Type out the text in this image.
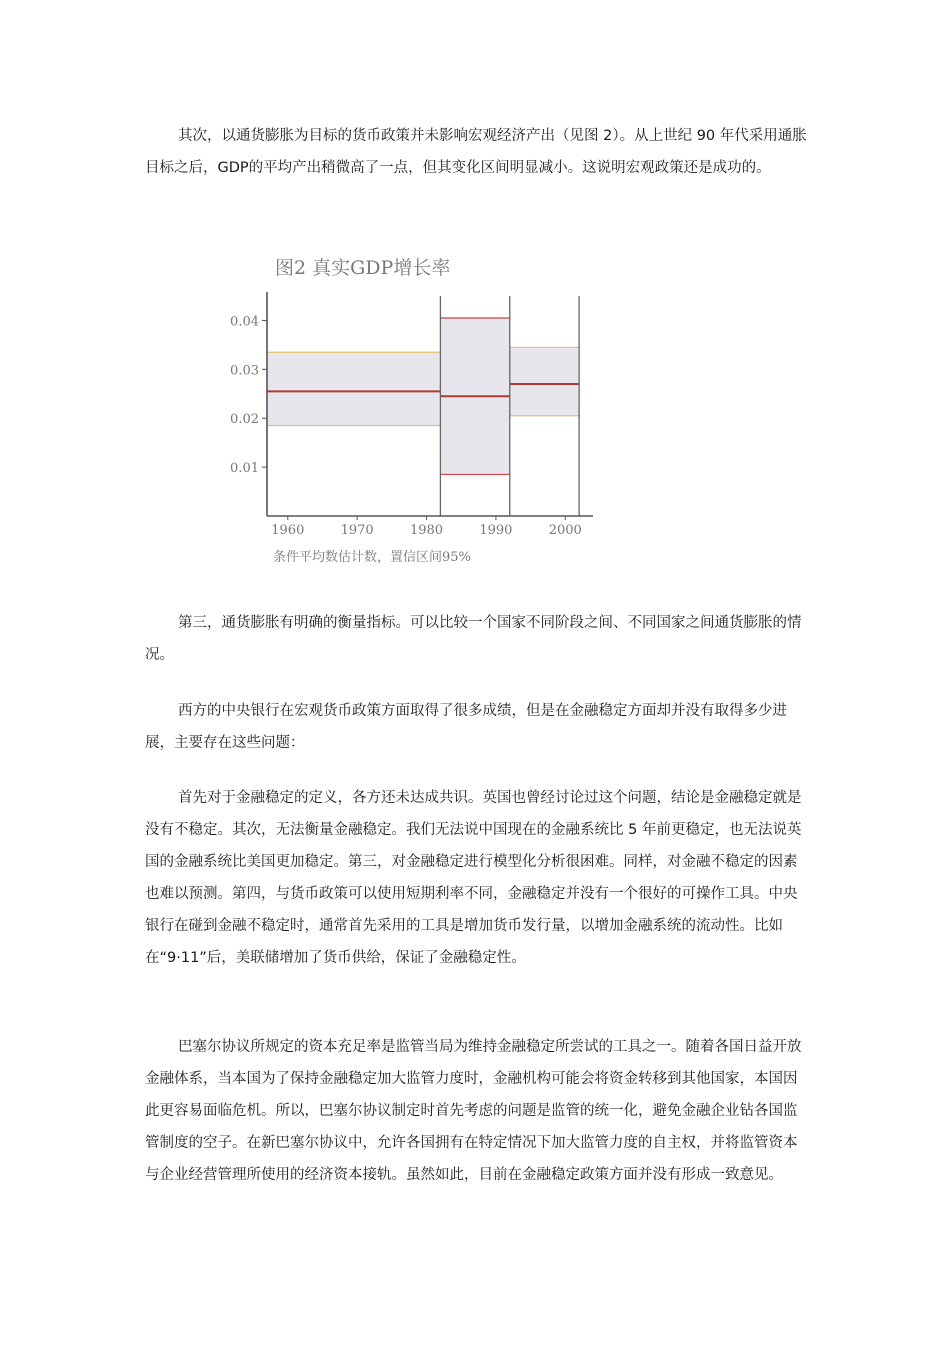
其次，以通货膨胀为目标的货币政策并未影响宏观经济产出（见图 2）。从上世纪 90 年代采用通胀目标之后，GDP的平均产出稍微高了一点，但其变化区间明显减小。这说明宏观政策还是成功的。

图2 真实GDP增长率
0.04
0.03
0.02
0.01
1960	1970	1980	1990	2000
条件平均数估计数，置信区间95%

第三，通货膨胀有明确的衡量指标。可以比较一个国家不同阶段之间、不同国家之间通货膨胀的情况。

西方的中央银行在宏观货币政策方面取得了很多成绩，但是在金融稳定方面却并没有取得多少进展，主要存在这些问题：

首先对于金融稳定的定义，各方还未达成共识。英国也曾经讨论过这个问题，结论是金融稳定就是没有不稳定。其次，无法衡量金融稳定。我们无法说中国现在的金融系统比 5 年前更稳定，也无法说英国的金融系统比美国更加稳定。第三，对金融稳定进行模型化分析很困难。同样，对金融不稳定的因素也难以预测。第四，与货币政策可以使用短期利率不同，金融稳定并没有一个很好的可操作工具。中央银行在碰到金融不稳定时，通常首先采用的工具是增加货币发行量，以增加金融系统的流动性。比如在“9·11”后，美联储增加了货币供给，保证了金融稳定性。

巴塞尔协议所规定的资本充足率是监管当局为维持金融稳定所尝试的工具之一。随着各国日益开放金融体系，当本国为了保持金融稳定加大监管力度时，金融机构可能会将资金转移到其他国家，本国因此更容易面临危机。所以，巴塞尔协议制定时首先考虑的问题是监管的统一化，避免金融企业钻各国监管制度的空子。在新巴塞尔协议中，允许各国拥有在特定情况下加大监管力度的自主权，并将监管资本与企业经营管理所使用的经济资本接轨。虽然如此，目前在金融稳定政策方面并没有形成一致意见。
